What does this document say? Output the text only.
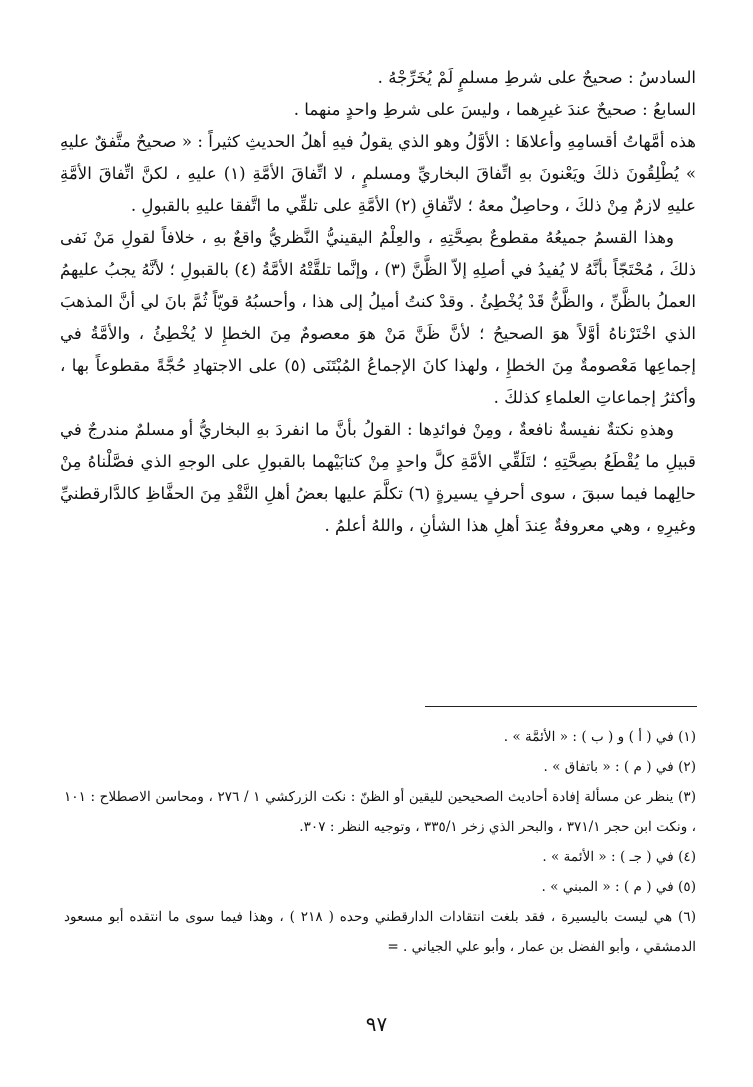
السادسُ : صحيحٌ على شرطِ مسلمٍ لَمْ يُخَرِّجْهُ .

السابعُ : صحيحٌ عندَ غيرِهما ، وليسَ على شرطِ واحدٍ منهما .

هذه أمَّهاتُ أقسامِهِ وأعلاهَا : الأوَّلُ وهو الذي يقولُ فيهِ أهلُ الحديثِ كثيراً : « صحيحٌ متَّفقٌ عليهِ » يُطْلِقُونَ ذلكَ ويَعْنونَ بهِ اتِّفاقَ البخاريِّ ومسلمٍ ، لا اتِّفاقَ الأمَّةِ (١) عليهِ ، لكنَّ اتِّفاقَ الأمَّةِ عليهِ لازمٌ مِنْ ذلكَ ، وحاصِلٌ معهُ ؛ لاتِّفاقِ (٢) الأمَّةِ على تلقِّي ما اتَّفقا عليهِ بالقبولِ .

وهذا القسمُ جميعُهُ مقطوعٌ بصِحَّتِهِ ، والعِلْمُ اليقينيُّ النَّظريُّ واقعٌ بهِ ، خلافاً لقولِ مَنْ نَفى ذلكَ ، مُحْتَجّاً بأنَّهُ لا يُفيدُ في أصلِهِ إلاّ الظَّنَّ (٣) ، وإنَّما تلقَّتْهُ الأمَّةُ (٤) بالقبولِ ؛ لأنَّهُ يجبُ عليهمُ العملُ بالظَّنِّ ، والظَّنُّ قَدْ يُخْطِئُ . وقدْ كنتُ أميلُ إلى هذا ، وأحسبُهُ قويّاً ثُمَّ بانَ لي أنَّ المذهبَ الذي اخْتَرْناهُ أوَّلاً هوَ الصحيحُ ؛ لأنَّ ظَنَّ مَنْ هوَ معصومٌ مِنَ الخطإِ لا يُخْطِئُ ، والأمَّةُ في إجماعِها مَعْصومةٌ مِنَ الخطإِ ، ولهذا كانَ الإجماعُ المُبْتَنَى (٥) على الاجتهادِ حُجَّةً مقطوعاً بها ، وأكثرُ إجماعاتِ العلماءِ كذلكَ .

وهذهِ نكتةٌ نفيسةٌ نافعةٌ ، ومِنْ فوائدِها : القولُ بأنَّ ما انفردَ بهِ البخاريُّ أو مسلمٌ مندرجٌ في قبيلِ ما يُقْطَعُ بصِحَّتِهِ ؛ لتَلَقِّي الأمَّةِ كلَّ واحدٍ مِنْ كتابَيْهما بالقبولِ على الوجهِ الذي فصَّلْناهُ مِنْ حالِهما فيما سبقَ ، سوى أحرفٍ يسيرةٍ (٦) تكلَّمَ عليها بعضُ أهلِ النَّقْدِ مِنَ الحفَّاظِ كالدَّارقطنيِّ وغيرِهِ ، وهي معروفةٌ عِندَ أهلِ هذا الشأنِ ، واللهُ أعلمُ .

(١) في ( أ ) و ( ب ) : « الأئمَّة » .

(٢) في ( م ) : « باتفاق » .

(٣) ينظر عن مسألة إفادة أحاديث الصحيحين لليقين أو الظنّ : نكت الزركشي ١ / ٢٧٦ ، ومحاسن الاصطلاح : ١٠١ ، ونكت ابن حجر ٣٧١/١ ، والبحر الذي زخر ٣٣٥/١ ، وتوجيه النظر : ٣٠٧.

(٤) في ( جـ ) : « الأئمة » .

(٥) في ( م ) : « المبني » .

(٦) هي ليست باليسيرة ، فقد بلغت انتقادات الدارقطني وحده ( ٢١٨ ) ، وهذا فيما سوى ما انتقده أبو مسعود الدمشقي ، وأبو الفضل بن عمار ، وأبو علي الجياني . =

٩٧
